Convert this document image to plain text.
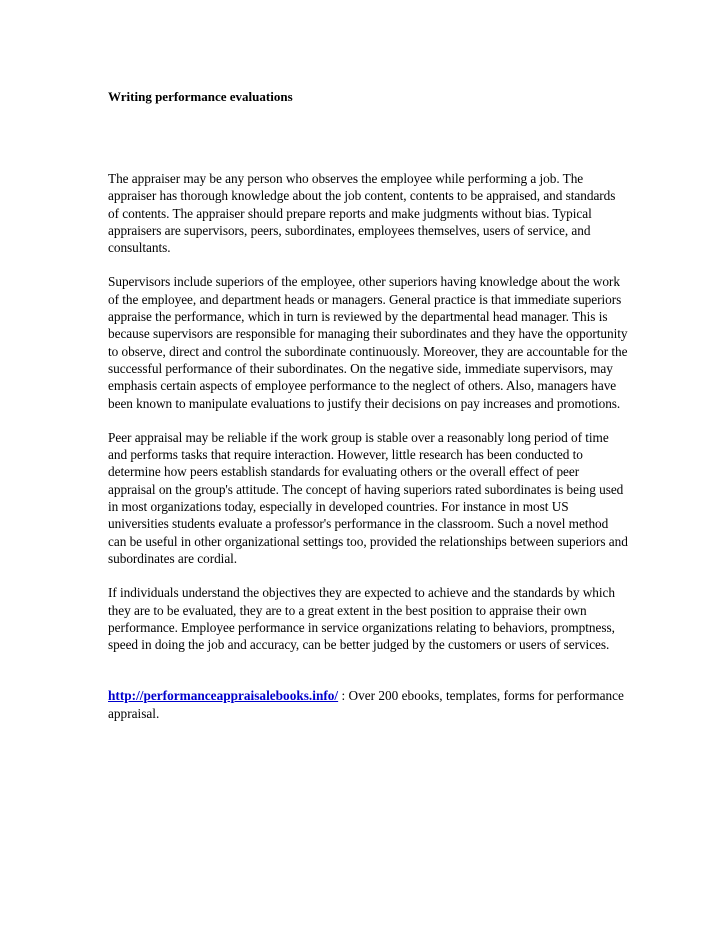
Writing performance evaluations

The appraiser may be any person who observes the employee while performing a job. The appraiser has thorough knowledge about the job content, contents to be appraised, and standards of contents. The appraiser should prepare reports and make judgments without bias. Typical appraisers are supervisors, peers, subordinates, employees themselves, users of service, and consultants.

Supervisors include superiors of the employee, other superiors having knowledge about the work of the employee, and department heads or managers. General practice is that immediate superiors appraise the performance, which in turn is reviewed by the departmental head manager. This is because supervisors are responsible for managing their subordinates and they have the opportunity to observe, direct and control the subordinate continuously. Moreover, they are accountable for the successful performance of their subordinates. On the negative side, immediate supervisors, may emphasis certain aspects of employee performance to the neglect of others. Also, managers have been known to manipulate evaluations to justify their decisions on pay increases and promotions.

Peer appraisal may be reliable if the work group is stable over a reasonably long period of time and performs tasks that require interaction. However, little research has been conducted to determine how peers establish standards for evaluating others or the overall effect of peer appraisal on the group's attitude. The concept of having superiors rated subordinates is being used in most organizations today, especially in developed countries. For instance in most US universities students evaluate a professor's performance in the classroom. Such a novel method can be useful in other organizational settings too, provided the relationships between superiors and subordinates are cordial.

If individuals understand the objectives they are expected to achieve and the standards by which they are to be evaluated, they are to a great extent in the best position to appraise their own performance. Employee performance in service organizations relating to behaviors, promptness, speed in doing the job and accuracy, can be better judged by the customers or users of services.

http://performanceappraisalebooks.info/ : Over 200 ebooks, templates, forms for performance appraisal.
